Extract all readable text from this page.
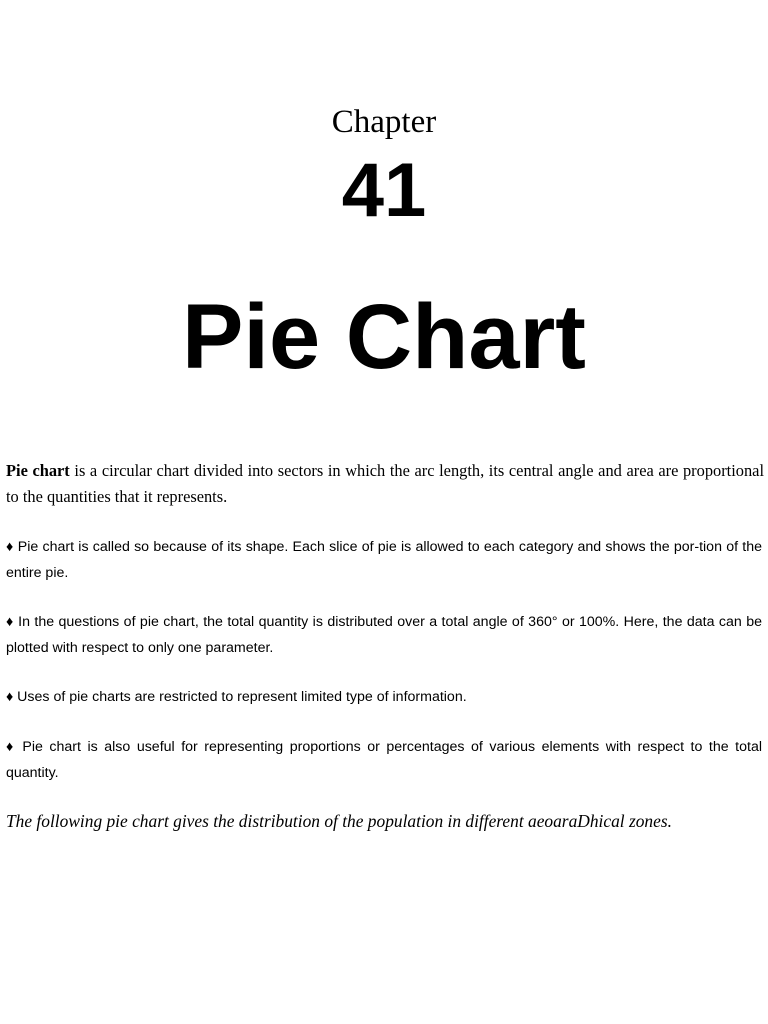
Chapter
41
Pie Chart

Pie chart is a circular chart divided into sectors in which the arc length, its central angle and area are proportional to the quantities that it represents.

♦ Pie chart is called so because of its shape. Each slice of pie is allowed to each category and shows the por-tion of the entire pie.

♦ In the questions of pie chart, the total quantity is distributed over a total angle of 360° or 100%. Here, the data can be plotted with respect to only one parameter.

♦ Uses of pie charts are restricted to represent limited type of information.

♦ Pie chart is also useful for representing proportions or percentages of various elements with respect to the total quantity.

The following pie chart gives the distribution of the population in different aeoaraDhical zones.
